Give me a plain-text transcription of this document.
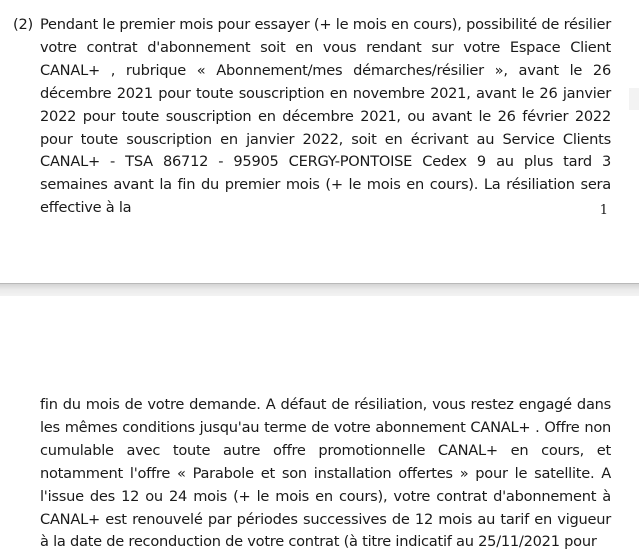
(2) Pendant le premier mois pour essayer (+ le mois en cours), possibilité de résilier votre contrat d'abonnement soit en vous rendant sur votre Espace Client CANAL+ , rubrique « Abonnement/mes démarches/résilier », avant le 26 décembre 2021 pour toute souscription en novembre 2021, avant le 26 janvier 2022 pour toute souscription en décembre 2021, ou avant le 26 février 2022 pour toute souscription en janvier 2022, soit en écrivant au Service Clients CANAL+ - TSA 86712 - 95905 CERGY-PONTOISE Cedex 9 au plus tard 3 semaines avant la fin du premier mois (+ le mois en cours). La résiliation sera effective à la	1

fin du mois de votre demande. A défaut de résiliation, vous restez engagé dans les mêmes conditions jusqu'au terme de votre abonnement CANAL+ . Offre non cumulable avec toute autre offre promotionnelle CANAL+ en cours, et notamment l'offre « Parabole et son installation offertes » pour le satellite. A l'issue des 12 ou 24 mois (+ le mois en cours), votre contrat d'abonnement à CANAL+ est renouvelé par périodes successives de 12 mois au tarif en vigueur à la date de reconduction de votre contrat (à titre indicatif au 25/11/2021 pour
